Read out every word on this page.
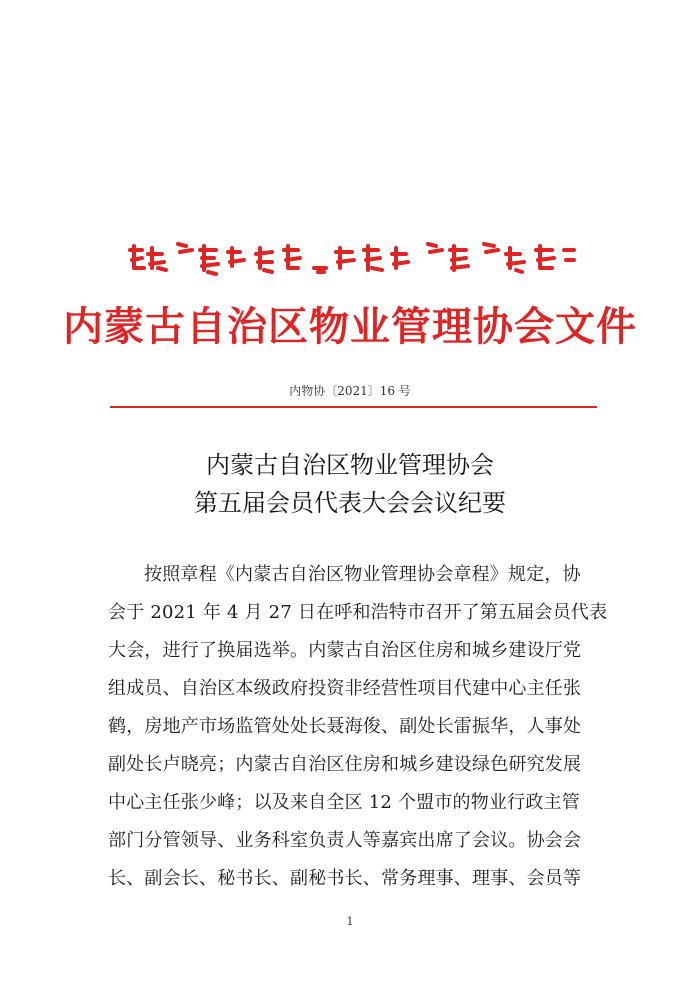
内蒙古自治区物业管理协会文件
内物协〔2021〕16 号
内蒙古自治区物业管理协会
第五届会员代表大会会议纪要
按照章程《内蒙古自治区物业管理协会章程》规定，协
会于 2021 年 4 月 27 日在呼和浩特市召开了第五届会员代表
大会，进行了换届选举。内蒙古自治区住房和城乡建设厅党
组成员、自治区本级政府投资非经营性项目代建中心主任张
鹤，房地产市场监管处处长聂海俊、副处长雷振华，人事处
副处长卢晓亮；内蒙古自治区住房和城乡建设绿色研究发展
中心主任张少峰；以及来自全区 12 个盟市的物业行政主管
部门分管领导、业务科室负责人等嘉宾出席了会议。协会会
长、副会长、秘书长、副秘书长、常务理事、理事、会员等
1
